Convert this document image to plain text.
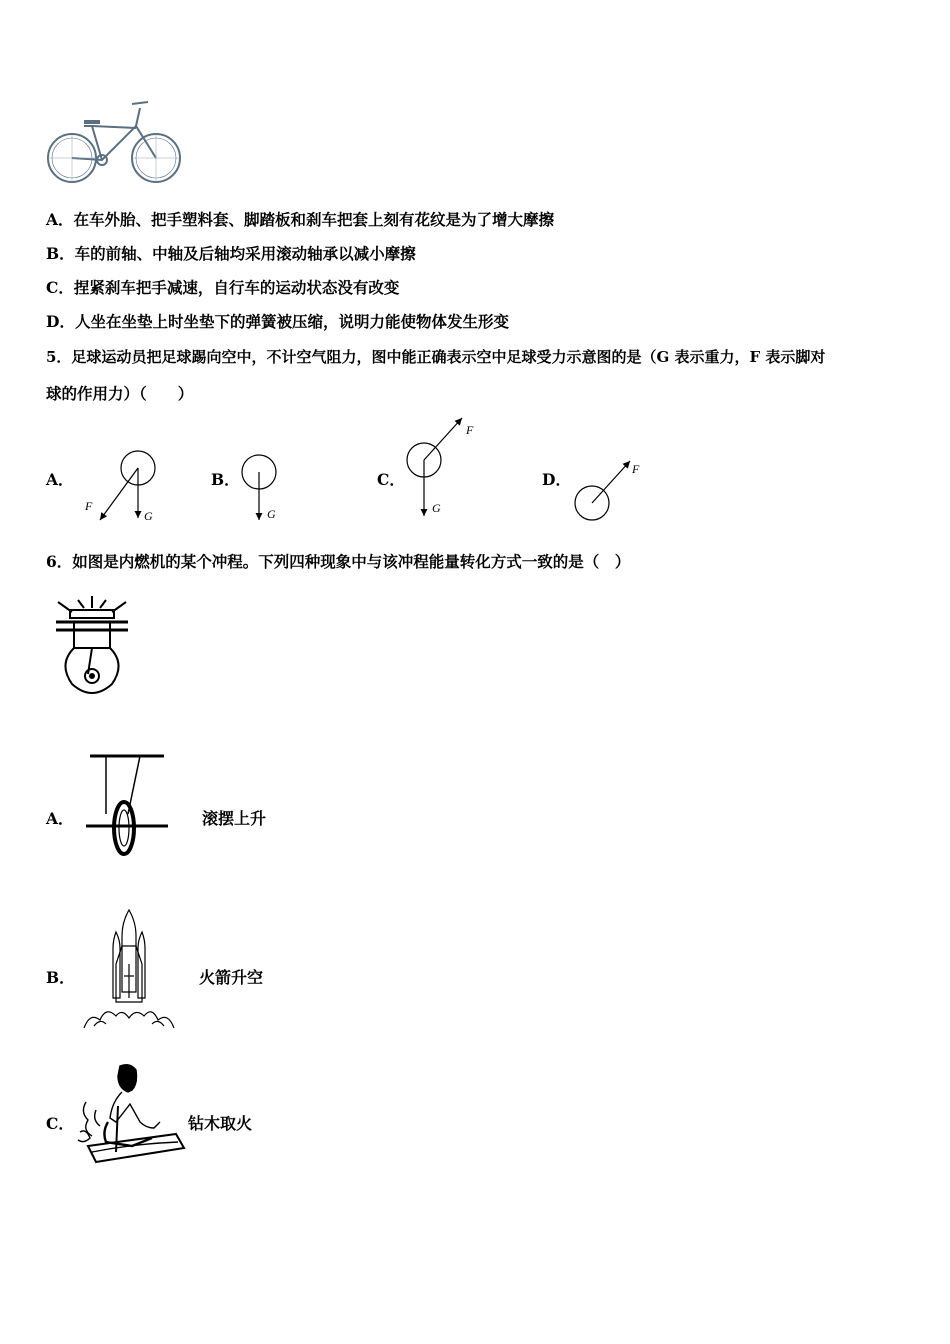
A．在车外胎、把手塑料套、脚踏板和刹车把套上刻有花纹是为了增大摩擦
B．车的前轴、中轴及后轴均采用滚动轴承以减小摩擦
C．捏紧刹车把手减速，自行车的运动状态没有改变
D．人坐在坐垫上时坐垫下的弹簧被压缩，说明力能使物体发生形变
5．足球运动员把足球踢向空中，不计空气阻力，图中能正确表示空中足球受力示意图的是（G 表示重力，F 表示脚对
球的作用力）（　　）
A．
F
G
B．
G
C．
F
G
D．
F
6．如图是内燃机的某个冲程。下列四种现象中与该冲程能量转化方式一致的是（　）
A．	滚摆上升
B．	火箭升空
C．	钻木取火
